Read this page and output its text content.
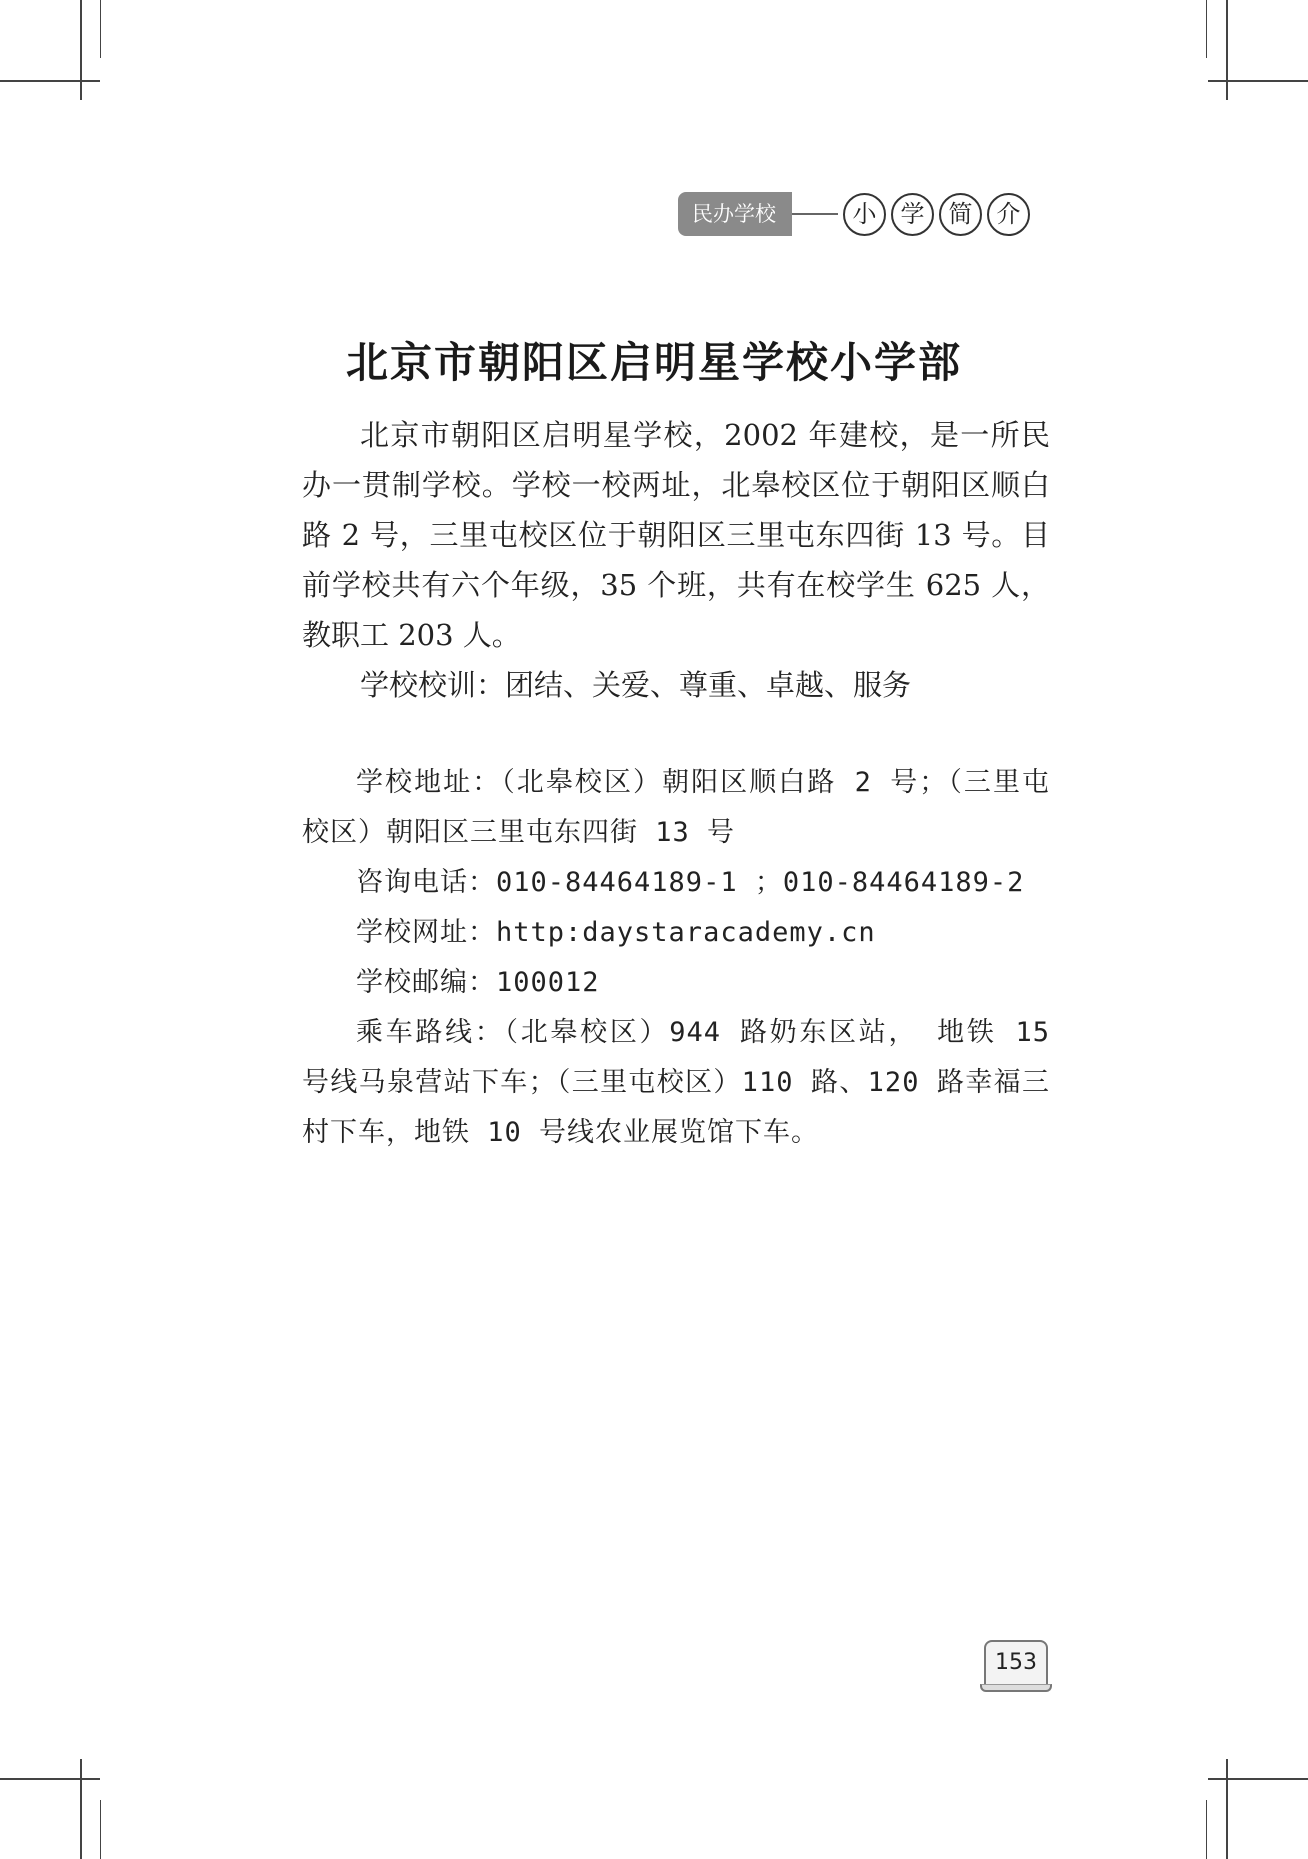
民办学校	小	学	简	介
北京市朝阳区启明星学校小学部

北京市朝阳区启明星学校，2002 年建校，是一所民办一贯制学校。学校一校两址，北皋校区位于朝阳区顺白路 2 号，三里屯校区位于朝阳区三里屯东四街 13 号。目前学校共有六个年级，35 个班，共有在校学生 625 人， 教职工 203 人。

学校校训：团结、关爱、尊重、卓越、服务

学校地址：（北皋校区）朝阳区顺白路 2 号；（三里屯校区）朝阳区三里屯东四街 13 号

咨询电话：010-84464189-1 ；010-84464189-2

学校网址：http:daystaracademy.cn

学校邮编：100012

乘车路线：（北皋校区）944 路奶东区站， 地铁 15 号线马泉营站下车；（三里屯校区）110 路、120 路幸福三村下车，地铁 10 号线农业展览馆下车。

153
